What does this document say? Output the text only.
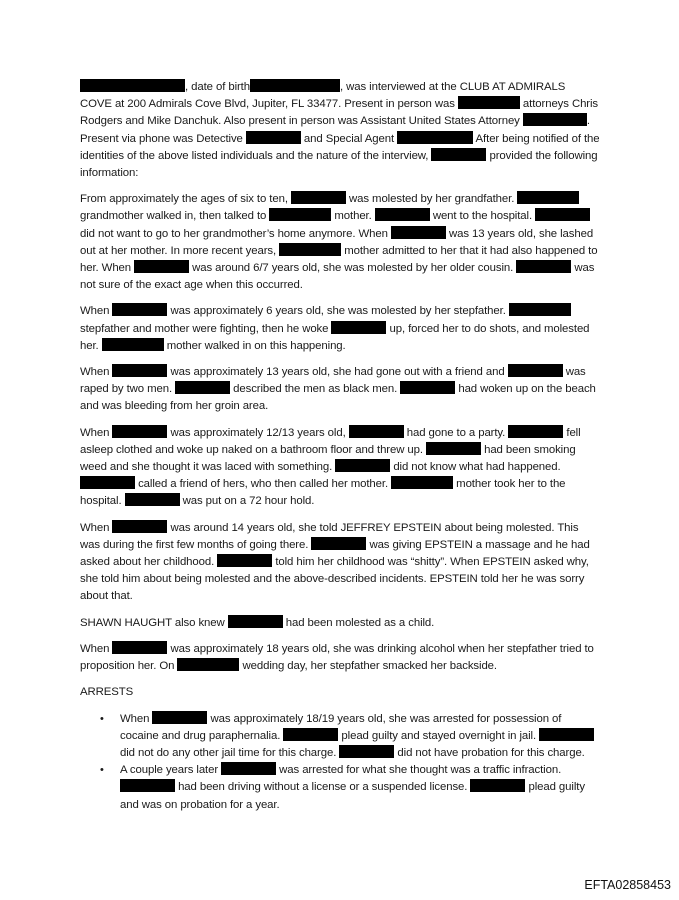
, date of birth	, was interviewed at the CLUB AT ADMIRALS COVE at 200 Admirals Cove Blvd, Jupiter, FL 33477. Present in person was	attorneys Chris Rodgers and Mike Danchuk. Also present in person was Assistant United States Attorney	. Present via phone was Detective	and Special Agent	After being notified of the identities of the above listed individuals and the nature of the interview,	provided the following information:

From approximately the ages of six to ten,	was molested by her grandfather.  grandmother walked in, then talked to	mother.	went to the hospital.  did not want to go to her grandmother’s home anymore. When	was 13 years old, she lashed out at her mother. In more recent years,	mother admitted to her that it had also happened to her. When	was around 6/7 years old, she was molested by her older cousin.	was not sure of the exact age when this occurred.

When	was approximately 6 years old, she was molested by her stepfather.  stepfather and mother were fighting, then he woke	up, forced her to do shots, and molested her.	mother walked in on this happening.

When	was approximately 13 years old, she had gone out with a friend and	was raped by two men.	described the men as black men.	had woken up on the beach and was bleeding from her groin area.

When	was approximately 12/13 years old,	had gone to a party.	fell asleep clothed and woke up naked on a bathroom floor and threw up.	had been smoking weed and she thought it was laced with something.	did not know what had happened.  called a friend of hers, who then called her mother.	mother took her to the hospital.	was put on a 72 hour hold.

When	was around 14 years old, she told JEFFREY EPSTEIN about being molested. This was during the first few months of going there.	was giving EPSTEIN a massage and he had asked about her childhood.	told him her childhood was “shitty”. When EPSTEIN asked why, she told him about being molested and the above-described incidents. EPSTEIN told her he was sorry about that.

SHAWN HAUGHT also knew	had been molested as a child.

When	was approximately 18 years old, she was drinking alcohol when her stepfather tried to proposition her. On	wedding day, her stepfather smacked her backside.

ARRESTS
• When	was approximately 18/19 years old, she was arrested for possession of cocaine and drug paraphernalia.	plead guilty and stayed overnight in jail.  did not do any other jail time for this charge.	did not have probation for this charge.
• A couple years later	was arrested for what she thought was a traffic infraction.  had been driving without a license or a suspended license.	plead guilty and was on probation for a year.
EFTA02858453
